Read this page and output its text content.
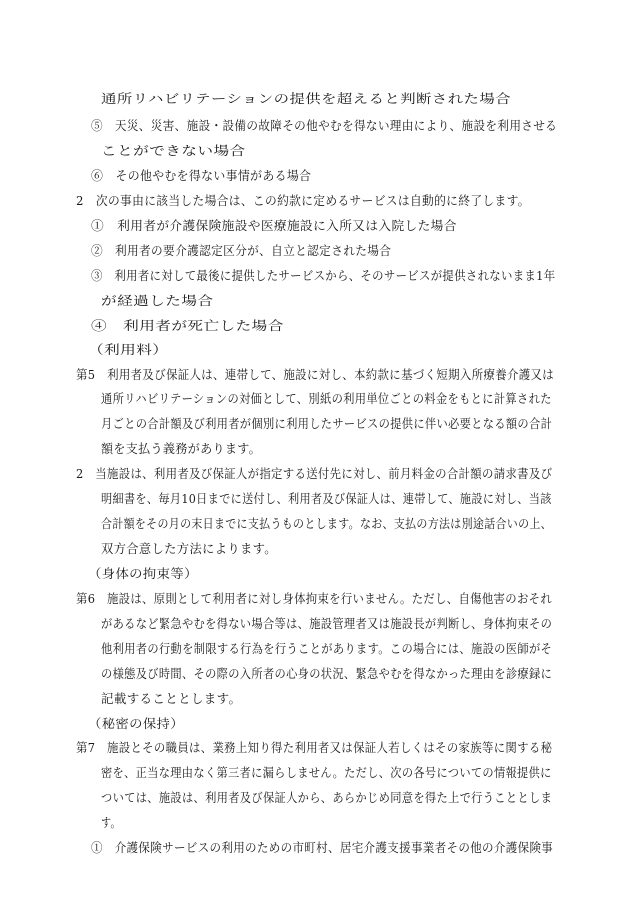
通所リハビリテーションの提供を超えると判断された場合
⑤　天災、災害、施設・設備の故障その他やむを得ない理由により、施設を利用させる
ことができない場合
⑥　その他やむを得ない事情がある場合
2　次の事由に該当した場合は、この約款に定めるサービスは自動的に終了します。
①　利用者が介護保険施設や医療施設に入所又は入院した場合
②　利用者の要介護認定区分が、自立と認定された場合
③　利用者に対して最後に提供したサービスから、そのサービスが提供されないまま1年
が経過した場合
④　利用者が死亡した場合
（利用料）
第5　利用者及び保証人は、連帯して、施設に対し、本約款に基づく短期入所療養介護又は
通所リハビリテーションの対価として、別紙の利用単位ごとの料金をもとに計算された
月ごとの合計額及び利用者が個別に利用したサービスの提供に伴い必要となる額の合計
額を支払う義務があります。
2　当施設は、利用者及び保証人が指定する送付先に対し、前月料金の合計額の請求書及び
明細書を、毎月10日までに送付し、利用者及び保証人は、連帯して、施設に対し、当該
合計額をその月の末日までに支払うものとします。なお、支払の方法は別途話合いの上、
双方合意した方法によります。
（身体の拘束等）
第6　施設は、原則として利用者に対し身体拘束を行いません。ただし、自傷他害のおそれ
があるなど緊急やむを得ない場合等は、施設管理者又は施設長が判断し、身体拘束その
他利用者の行動を制限する行為を行うことがあります。この場合には、施設の医師がそ
の様態及び時間、その際の入所者の心身の状況、緊急やむを得なかった理由を診療録に
記載することとします。
（秘密の保持）
第7　施設とその職員は、業務上知り得た利用者又は保証人若しくはその家族等に関する秘
密を、正当な理由なく第三者に漏らしません。ただし、次の各号についての情報提供に
ついては、施設は、利用者及び保証人から、あらかじめ同意を得た上で行うこととしま
す。
①　介護保険サービスの利用のための市町村、居宅介護支援事業者その他の介護保険事
